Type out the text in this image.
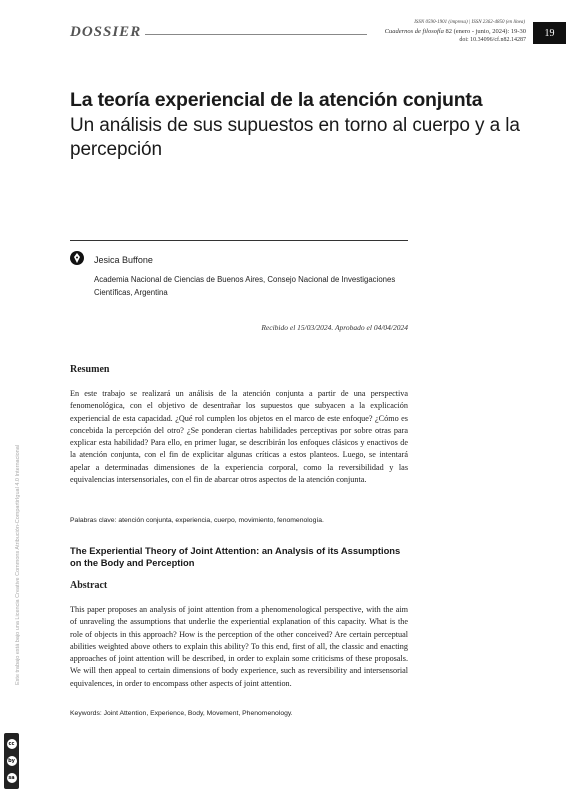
DOSSIER
ISSN 0590-1901 (impresa) | ISSN 2362-4850 (en línea)
Cuadernos de filosofía 82 (enero - junio, 2024): 19-30
doi: 10.34096/cf.n82.14287
19
La teoría experiencial de la atención conjunta
Un análisis de sus supuestos en torno al cuerpo y a la percepción
Jesica Buffone
Academia Nacional de Ciencias de Buenos Aires, Consejo Nacional de Investigaciones Científicas, Argentina
Recibido el 15/03/2024. Aprobado el 04/04/2024
Resumen
En este trabajo se realizará un análisis de la atención conjunta a partir de una perspectiva fenomenológica, con el objetivo de desentrañar los supuestos que subyacen a la explicación experiencial de esta capacidad. ¿Qué rol cumplen los objetos en el marco de este enfoque? ¿Cómo es concebida la percepción del otro? ¿Se ponderan ciertas habilidades perceptivas por sobre otras para explicar esta habilidad? Para ello, en primer lugar, se describirán los enfoques clásicos y enactivos de la atención conjunta, con el fin de explicitar algunas críticas a estos planteos. Luego, se intentará apelar a determinadas dimensiones de la experiencia corporal, como la reversibilidad y las equivalencias intersensoriales, con el fin de abarcar otros aspectos de la atención conjunta.
Palabras clave: atención conjunta, experiencia, cuerpo, movimiento, fenomenología.
The Experiential Theory of Joint Attention: an Analysis of its Assumptions on the Body and Perception
Abstract
This paper proposes an analysis of joint attention from a phenomenological perspective, with the aim of unraveling the assumptions that underlie the experiential explanation of this capacity. What is the role of objects in this approach? How is the perception of the other conceived? Are certain perceptual abilities weighted above others to explain this ability? To this end, first of all, the classic and enacting approaches of joint attention will be described, in order to explain some criticisms of these proposals. We will then appeal to certain dimensions of body experience, such as reversibility and intersensorial equivalences, in order to encompass other aspects of joint attention.
Keywords: Joint Attention, Experience, Body, Movement, Phenomenology.
Este trabajo está bajo una Licencia Creative Commons Atribución-CompartirIgual 4.0 Internacional
cc
by
sa
